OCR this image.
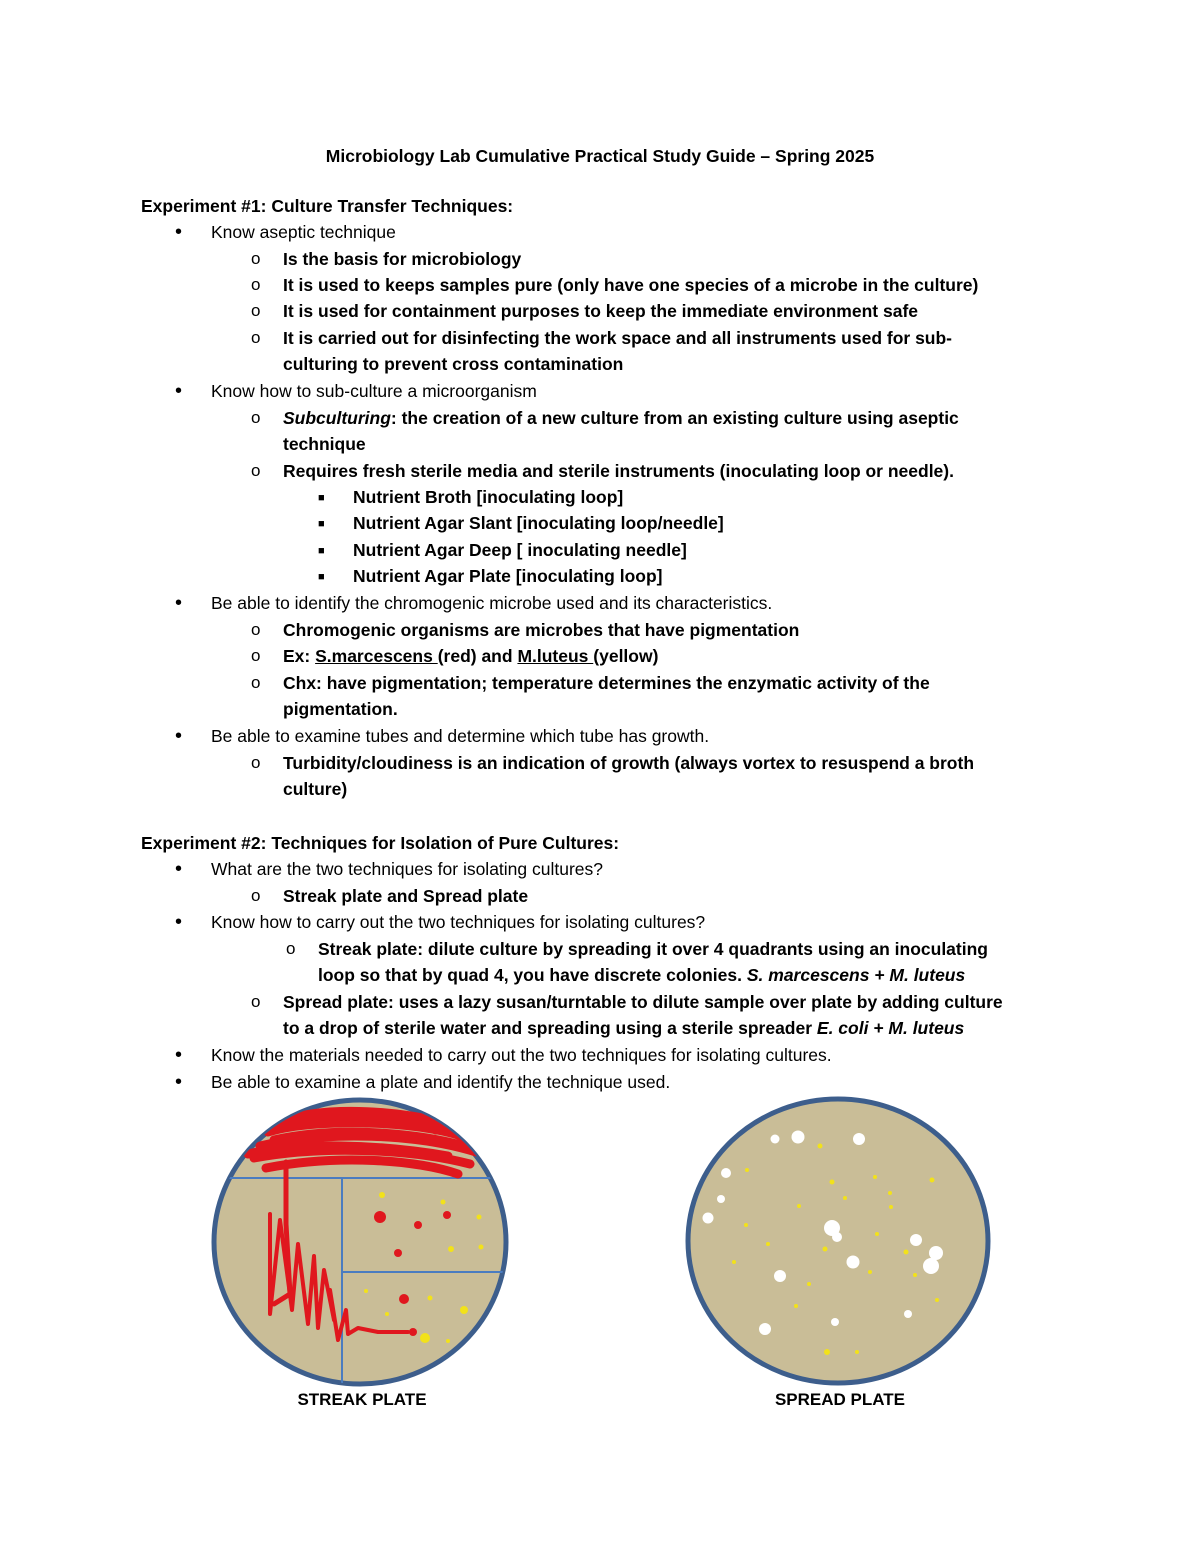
Microbiology Lab Cumulative Practical Study Guide – Spring 2025
Experiment #1: Culture Transfer Techniques:
• Know aseptic technique
o Is the basis for microbiology
o It is used to keeps samples pure (only have one species of a microbe in the culture)
o It is used for containment purposes to keep the immediate environment safe
o It is carried out for disinfecting the work space and all instruments used for sub-
culturing to prevent cross contamination
• Know how to sub-culture a microorganism
o Subculturing: the creation of a new culture from an existing culture using aseptic
technique
o Requires fresh sterile media and sterile instruments (inoculating loop or needle).
■ Nutrient Broth [inoculating loop]
■ Nutrient Agar Slant [inoculating loop/needle]
■ Nutrient Agar Deep [ inoculating needle]
■ Nutrient Agar Plate [inoculating loop]
• Be able to identify the chromogenic microbe used and its characteristics.
o Chromogenic organisms are microbes that have pigmentation
o Ex: S.marcescens (red) and M.luteus (yellow)
o Chx: have pigmentation; temperature determines the enzymatic activity of the
pigmentation.
• Be able to examine tubes and determine which tube has growth.
o Turbidity/cloudiness is an indication of growth (always vortex to resuspend a broth
culture)
Experiment #2: Techniques for Isolation of Pure Cultures:
• What are the two techniques for isolating cultures?
o Streak plate and Spread plate
• Know how to carry out the two techniques for isolating cultures?
o Streak plate: dilute culture by spreading it over 4 quadrants using an inoculating
loop so that by quad 4, you have discrete colonies. S. marcescens + M. luteus
o Spread plate: uses a lazy susan/turntable to dilute sample over plate by adding culture
to a drop of sterile water and spreading using a sterile spreader E. coli + M. luteus
• Know the materials needed to carry out the two techniques for isolating cultures.
• Be able to examine a plate and identify the technique used.
STREAK PLATE	SPREAD PLATE
